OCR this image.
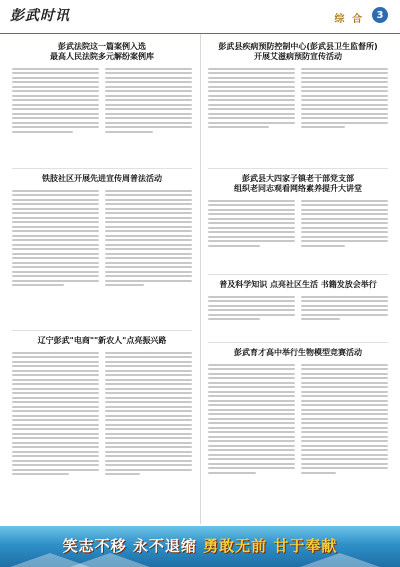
彭武时讯	综 合	3
彭武法院这一篇案例入选
最高人民法院多元解纷案例库
铁肢社区开展先进宣传周普法活动
辽宁彭武"电商""新农人"点亮振兴路
彭武县疾病预防控制中心(彭武县卫生监督所)
开展艾滋病预防宣传活动
彭武县大四家子镇老干部党支部
组织老同志观看网络素养提升大讲堂
普及科学知识 点亮社区生活 书籍发放会举行
彭武育才高中举行生物模型竞赛活动
笑志不移 永不退缩 勇敢无前 甘于奉献
